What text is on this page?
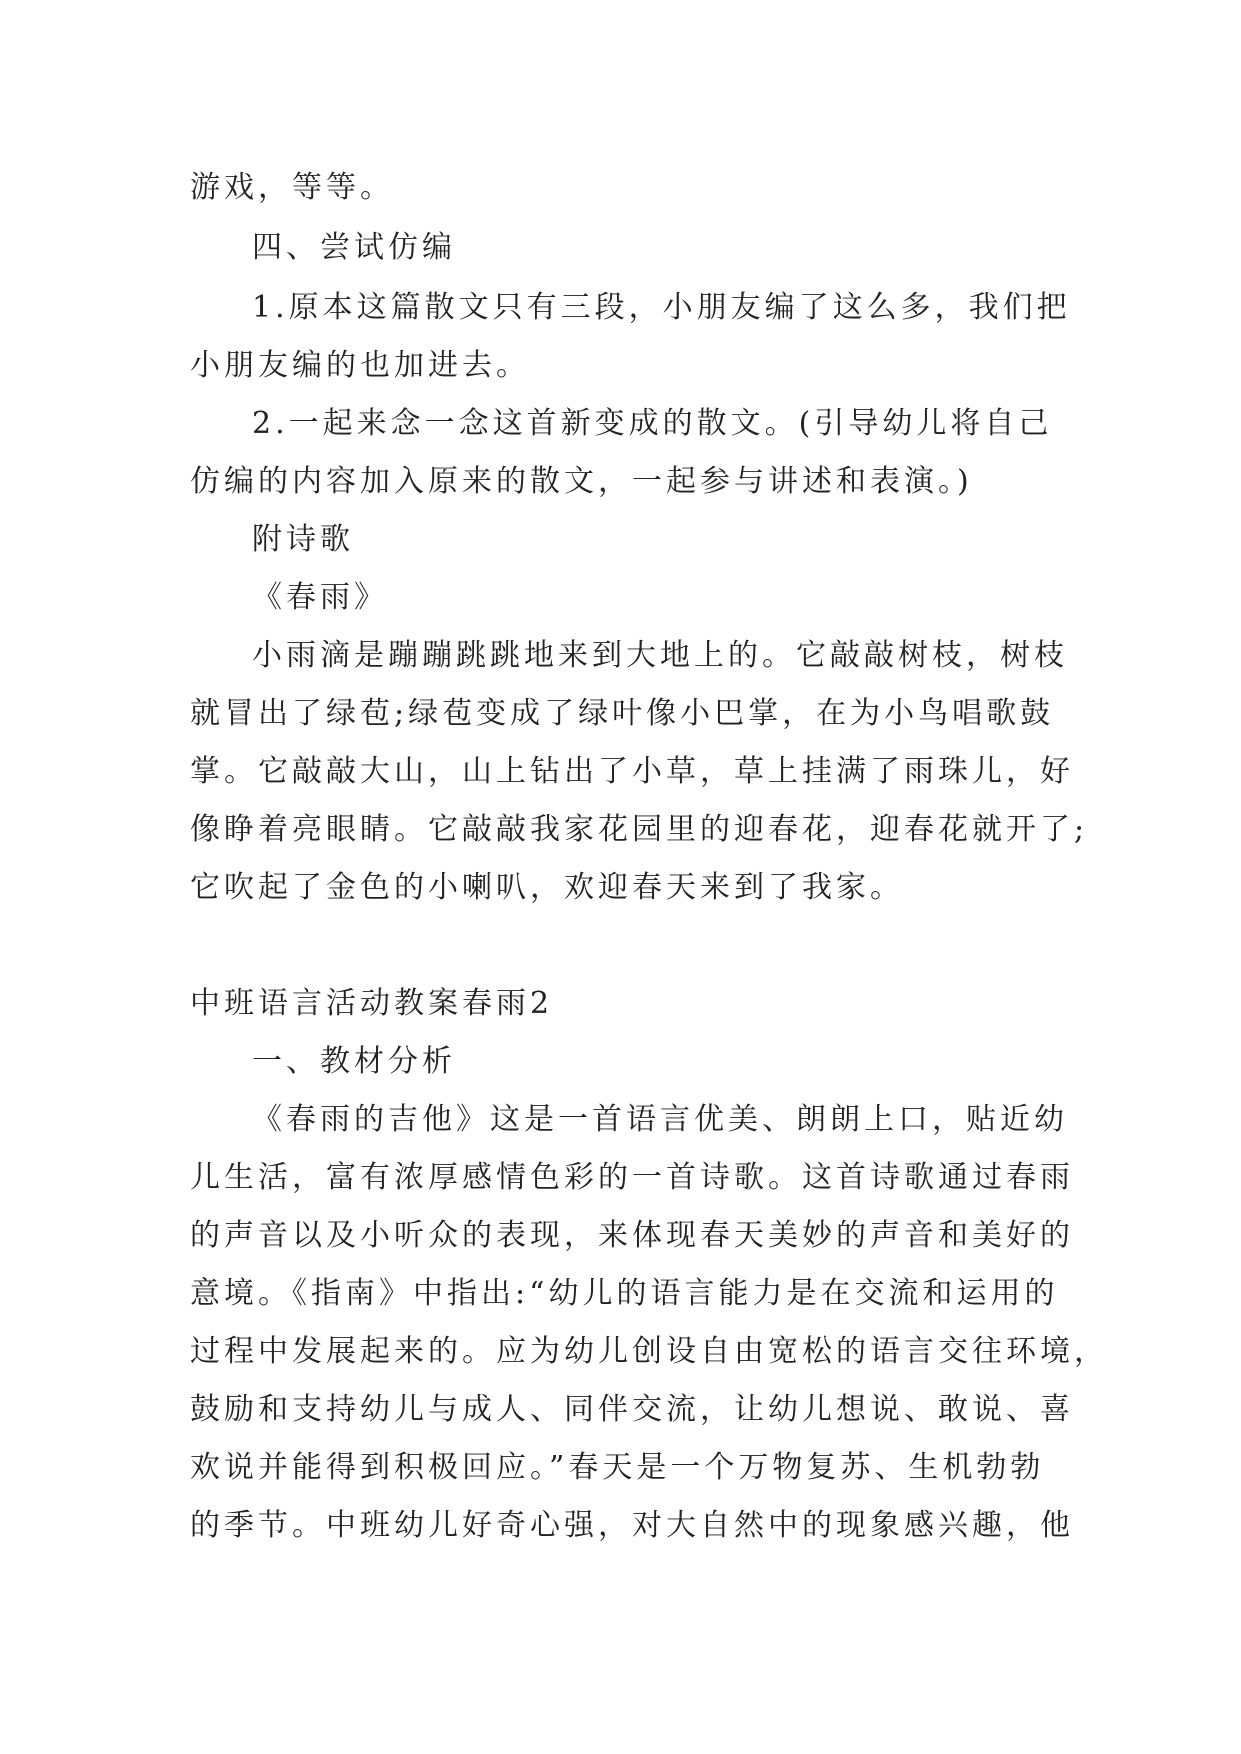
游戏，等等。
四、尝试仿编
1.原本这篇散文只有三段，小朋友编了这么多，我们把
小朋友编的也加进去。
2.一起来念一念这首新变成的散文。(引导幼儿将自己
仿编的内容加入原来的散文，一起参与讲述和表演。)
附诗歌
《春雨》
小雨滴是蹦蹦跳跳地来到大地上的。它敲敲树枝，树枝
就冒出了绿苞;绿苞变成了绿叶像小巴掌，在为小鸟唱歌鼓
掌。它敲敲大山，山上钻出了小草，草上挂满了雨珠儿，好
像睁着亮眼睛。它敲敲我家花园里的迎春花，迎春花就开了;
它吹起了金色的小喇叭，欢迎春天来到了我家。
中班语言活动教案春雨2
一、教材分析
《春雨的吉他》这是一首语言优美、朗朗上口，贴近幼
儿生活，富有浓厚感情色彩的一首诗歌。这首诗歌通过春雨
的声音以及小听众的表现，来体现春天美妙的声音和美好的
意境。《指南》中指出:“幼儿的语言能力是在交流和运用的
过程中发展起来的。应为幼儿创设自由宽松的语言交往环境，
鼓励和支持幼儿与成人、同伴交流，让幼儿想说、敢说、喜
欢说并能得到积极回应。”春天是一个万物复苏、生机勃勃
的季节。中班幼儿好奇心强，对大自然中的现象感兴趣，他
